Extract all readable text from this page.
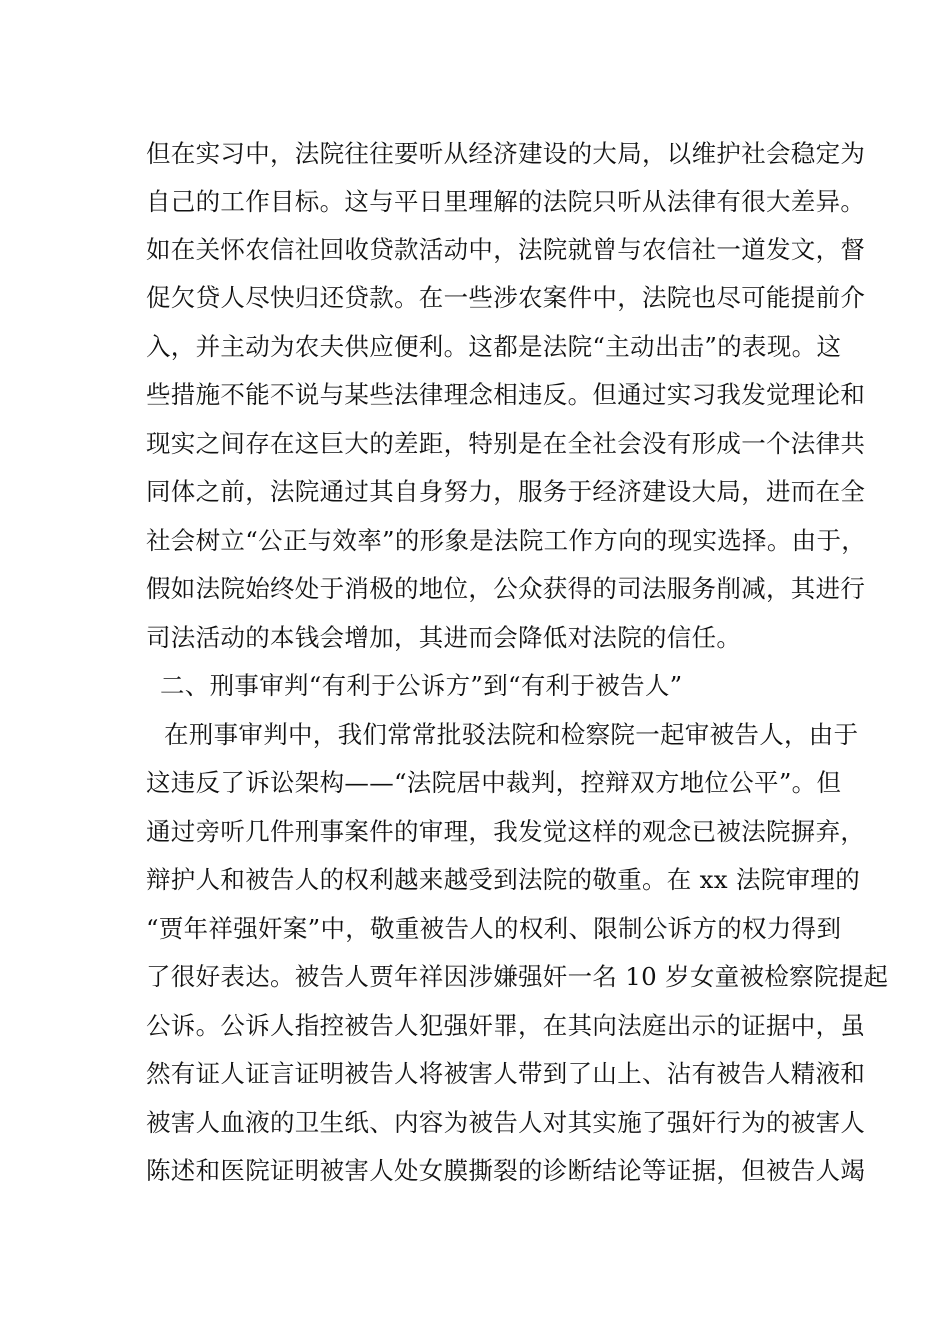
但在实习中，法院往往要听从经济建设的大局，以维护社会稳定为
自己的工作目标。这与平日里理解的法院只听从法律有很大差异。
如在关怀农信社回收贷款活动中，法院就曾与农信社一道发文，督
促欠贷人尽快归还贷款。在一些涉农案件中，法院也尽可能提前介
入，并主动为农夫供应便利。这都是法院“主动出击”的表现。这
些措施不能不说与某些法律理念相违反。但通过实习我发觉理论和
现实之间存在这巨大的差距，特别是在全社会没有形成一个法律共
同体之前，法院通过其自身努力，服务于经济建设大局，进而在全
社会树立“公正与效率”的形象是法院工作方向的现实选择。由于，
假如法院始终处于消极的地位，公众获得的司法服务削减，其进行
司法活动的本钱会增加，其进而会降低对法院的信任。
二、刑事审判“有利于公诉方”到“有利于被告人”
在刑事审判中，我们常常批驳法院和检察院一起审被告人，由于
这违反了诉讼架构——“法院居中裁判，控辩双方地位公平”。但
通过旁听几件刑事案件的审理，我发觉这样的观念已被法院摒弃，
辩护人和被告人的权利越来越受到法院的敬重。在 xx 法院审理的
“贾年祥强奸案”中，敬重被告人的权利、限制公诉方的权力得到
了很好表达。被告人贾年祥因涉嫌强奸一名 10 岁女童被检察院提起
公诉。公诉人指控被告人犯强奸罪，在其向法庭出示的证据中，虽
然有证人证言证明被告人将被害人带到了山上、沾有被告人精液和
被害人血液的卫生纸、内容为被告人对其实施了强奸行为的被害人
陈述和医院证明被害人处女膜撕裂的诊断结论等证据，但被告人竭
